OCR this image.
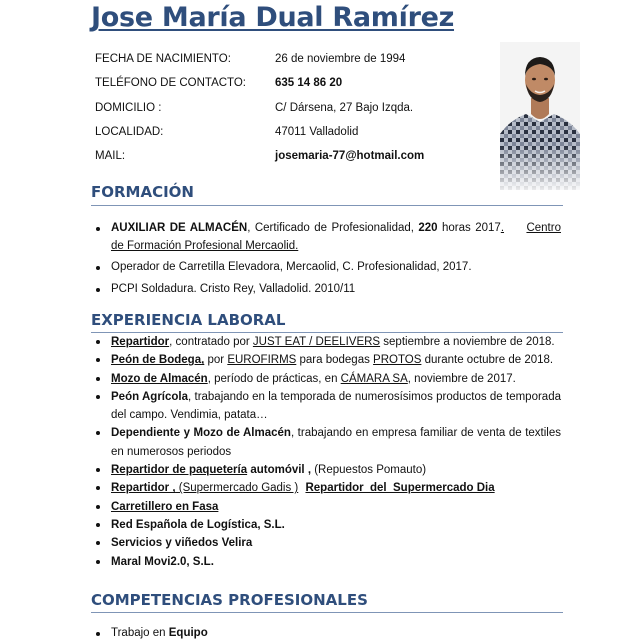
Jose María Dual Ramírez
FECHA DE NACIMIENTO:	26 de noviembre de 1994
TELÉFONO DE CONTACTO:	635 14 86 20
DOMICILIO :	C/ Dársena, 27 Bajo Izqda.
LOCALIDAD:	47011 Valladolid
MAIL:	josemaria-77@hotmail.com
FORMACIÓN
AUXILIAR DE ALMACÉN, Certificado de Profesionalidad, 220 horas 2017. Centro de Formación Profesional Mercaolid.
Operador de Carretilla Elevadora, Mercaolid, C. Profesionalidad, 2017.
PCPI Soldadura. Cristo Rey, Valladolid. 2010/11
EXPERIENCIA LABORAL
Repartidor, contratado por JUST EAT / DEELIVERS septiembre a noviembre de 2018.
Peón de Bodega, por EUROFIRMS para bodegas PROTOS durante octubre de 2018.
Mozo de Almacén, período de prácticas, en CÁMARA SA, noviembre de 2017.
Peón Agrícola, trabajando en la temporada de numerosísimos productos de temporada del campo. Vendimia, patata…
Dependiente y Mozo de Almacén, trabajando en empresa familiar de venta de textiles en numerosos periodos
Repartidor de paquetería automóvil , (Repuestos Pomauto)
Repartidor , (Supermercado Gadis ) Repartidor  del  Supermercado Dia
Carretillero en Fasa
Red Española de Logística, S.L.
Servicios y viñedos Velira
Maral Movi2.0, S.L.
COMPETENCIAS PROFESIONALES
Trabajo en Equipo
